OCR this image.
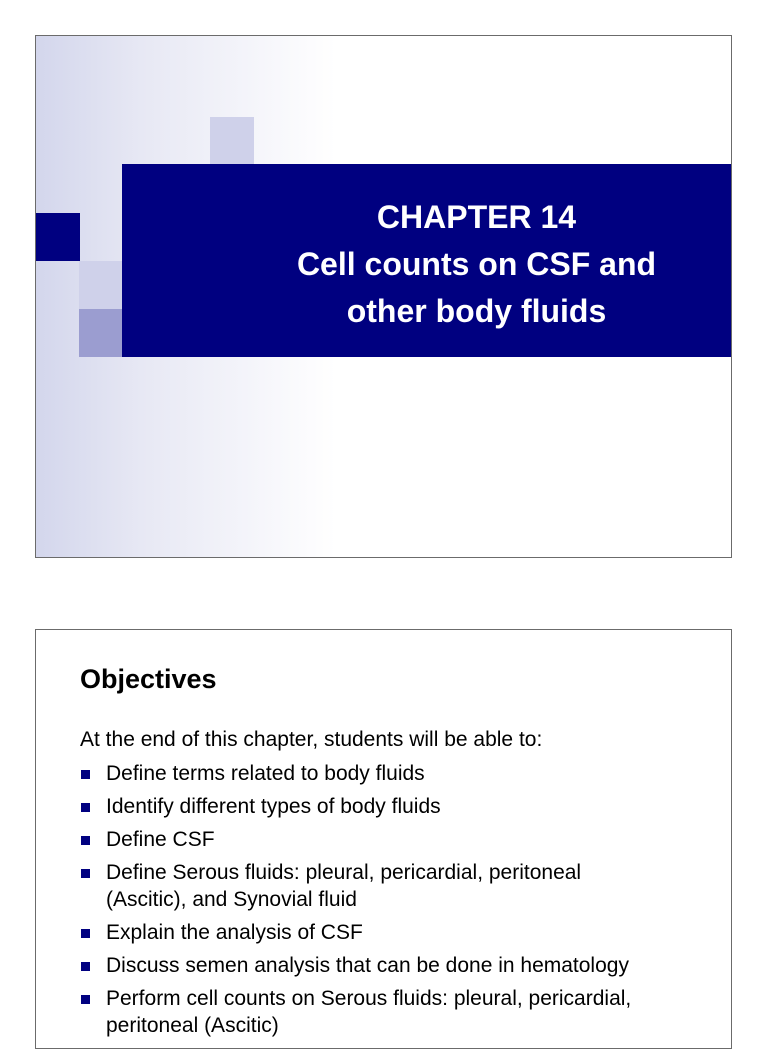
CHAPTER 14
Cell counts on CSF and
other body fluids
Objectives
At the end of this chapter, students will be able to:
Define terms related to body fluids
Identify different types of body fluids
Define CSF
Define Serous fluids: pleural, pericardial, peritoneal
(Ascitic), and Synovial fluid
Explain the analysis of CSF
Discuss semen analysis that can be done in hematology
Perform cell counts on Serous fluids: pleural, pericardial,
peritoneal (Ascitic)
